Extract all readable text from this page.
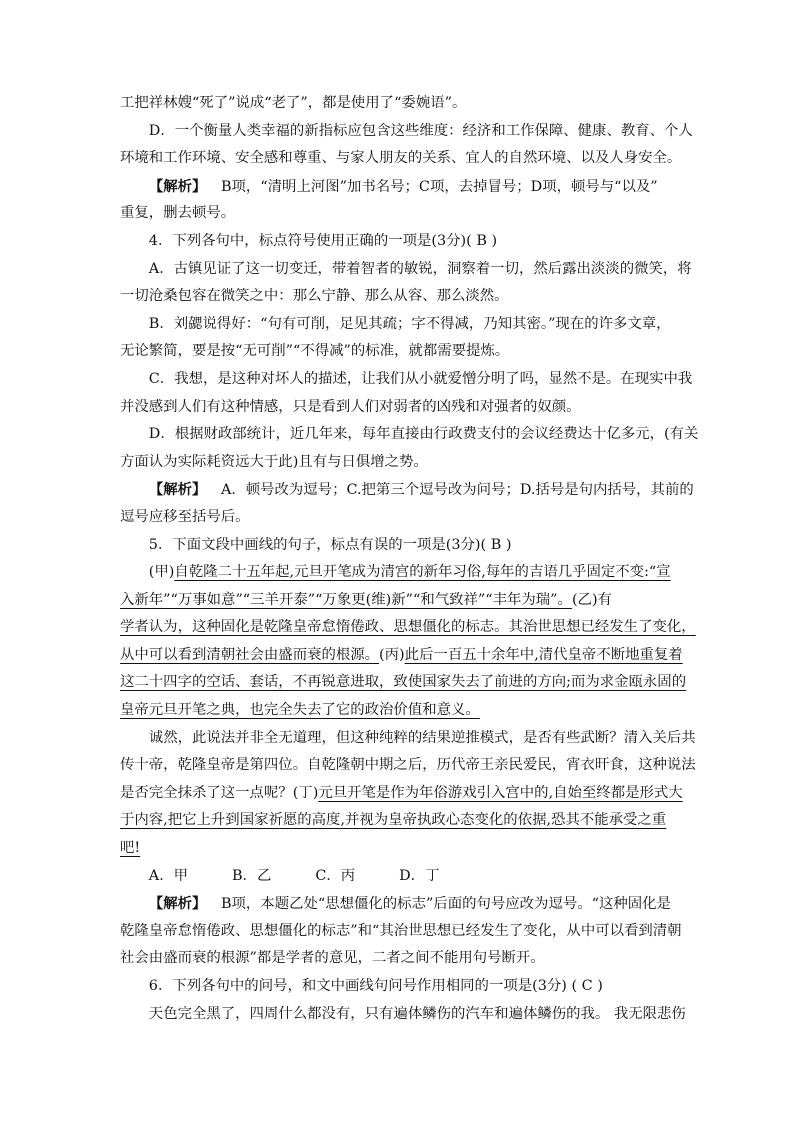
工把祥林嫂“死了”说成“老了”，都是使用了“委婉语”。
D．一个衡量人类幸福的新指标应包含这些维度：经济和工作保障、健康、教育、个人
环境和工作环境、安全感和尊重、与家人朋友的关系、宜人的自然环境、以及人身安全。
【解析】 B项，“清明上河图”加书名号；C项，去掉冒号；D项，顿号与“以及”
重复，删去顿号。
4．下列各句中，标点符号使用正确的一项是(3分)( B )
A．古镇见证了这一切变迁，带着智者的敏锐，洞察着一切，然后露出淡淡的微笑，将
一切沧桑包容在微笑之中：那么宁静、那么从容、那么淡然。
B．刘勰说得好：“句有可削，足见其疏；字不得减，乃知其密。”现在的许多文章，
无论繁简，要是按“无可削”“不得减”的标准，就都需要提炼。
C．我想，是这种对坏人的描述，让我们从小就爱憎分明了吗，显然不是。在现实中我
并没感到人们有这种情感，只是看到人们对弱者的凶残和对强者的奴颜。
D．根据财政部统计，近几年来，每年直接由行政费支付的会议经费达十亿多元，(有关
方面认为实际耗资远大于此)且有与日俱增之势。
【解析】 A．顿号改为逗号；C.把第三个逗号改为问号；D.括号是句内括号，其前的
逗号应移至括号后。
5．下面文段中画线的句子，标点有误的一项是(3分)( B )
(甲)自乾隆二十五年起,元旦开笔成为清宫的新年习俗,每年的吉语几乎固定不变:“宣
入新年”“万事如意”“三羊开泰”“万象更(维)新”“和气致祥”“丰年为瑞”。(乙)有
学者认为，这种固化是乾隆皇帝怠惰倦政、思想僵化的标志。其治世思想已经发生了变化，
从中可以看到清朝社会由盛而衰的根源。(丙)此后一百五十余年中,清代皇帝不断地重复着
这二十四字的空话、套话，不再锐意进取，致使国家失去了前进的方向;而为求金瓯永固的
皇帝元旦开笔之典，也完全失去了它的政治价值和意义。
诚然，此说法并非全无道理，但这种纯粹的结果逆推模式，是否有些武断？清入关后共
传十帝，乾隆皇帝是第四位。自乾隆朝中期之后，历代帝王亲民爱民，宵衣旰食，这种说法
是否完全抹杀了这一点呢？(丁)元旦开笔是作为年俗游戏引入宫中的,自始至终都是形式大
于内容,把它上升到国家祈愿的高度,并视为皇帝执政心态变化的依据,恐其不能承受之重
吧!
A．甲	B．乙	C．丙	D．丁
【解析】 B项，本题乙处“思想僵化的标志”后面的句号应改为逗号。“这种固化是
乾隆皇帝怠惰倦政、思想僵化的标志”和“其治世思想已经发生了变化，从中可以看到清朝
社会由盛而衰的根源”都是学者的意见，二者之间不能用句号断开。
6．下列各句中的问号，和文中画线句问号作用相同的一项是(3分) ( C )
天色完全黑了，四周什么都没有，只有遍体鳞伤的汽车和遍体鳞伤的我。 我无限悲伤
